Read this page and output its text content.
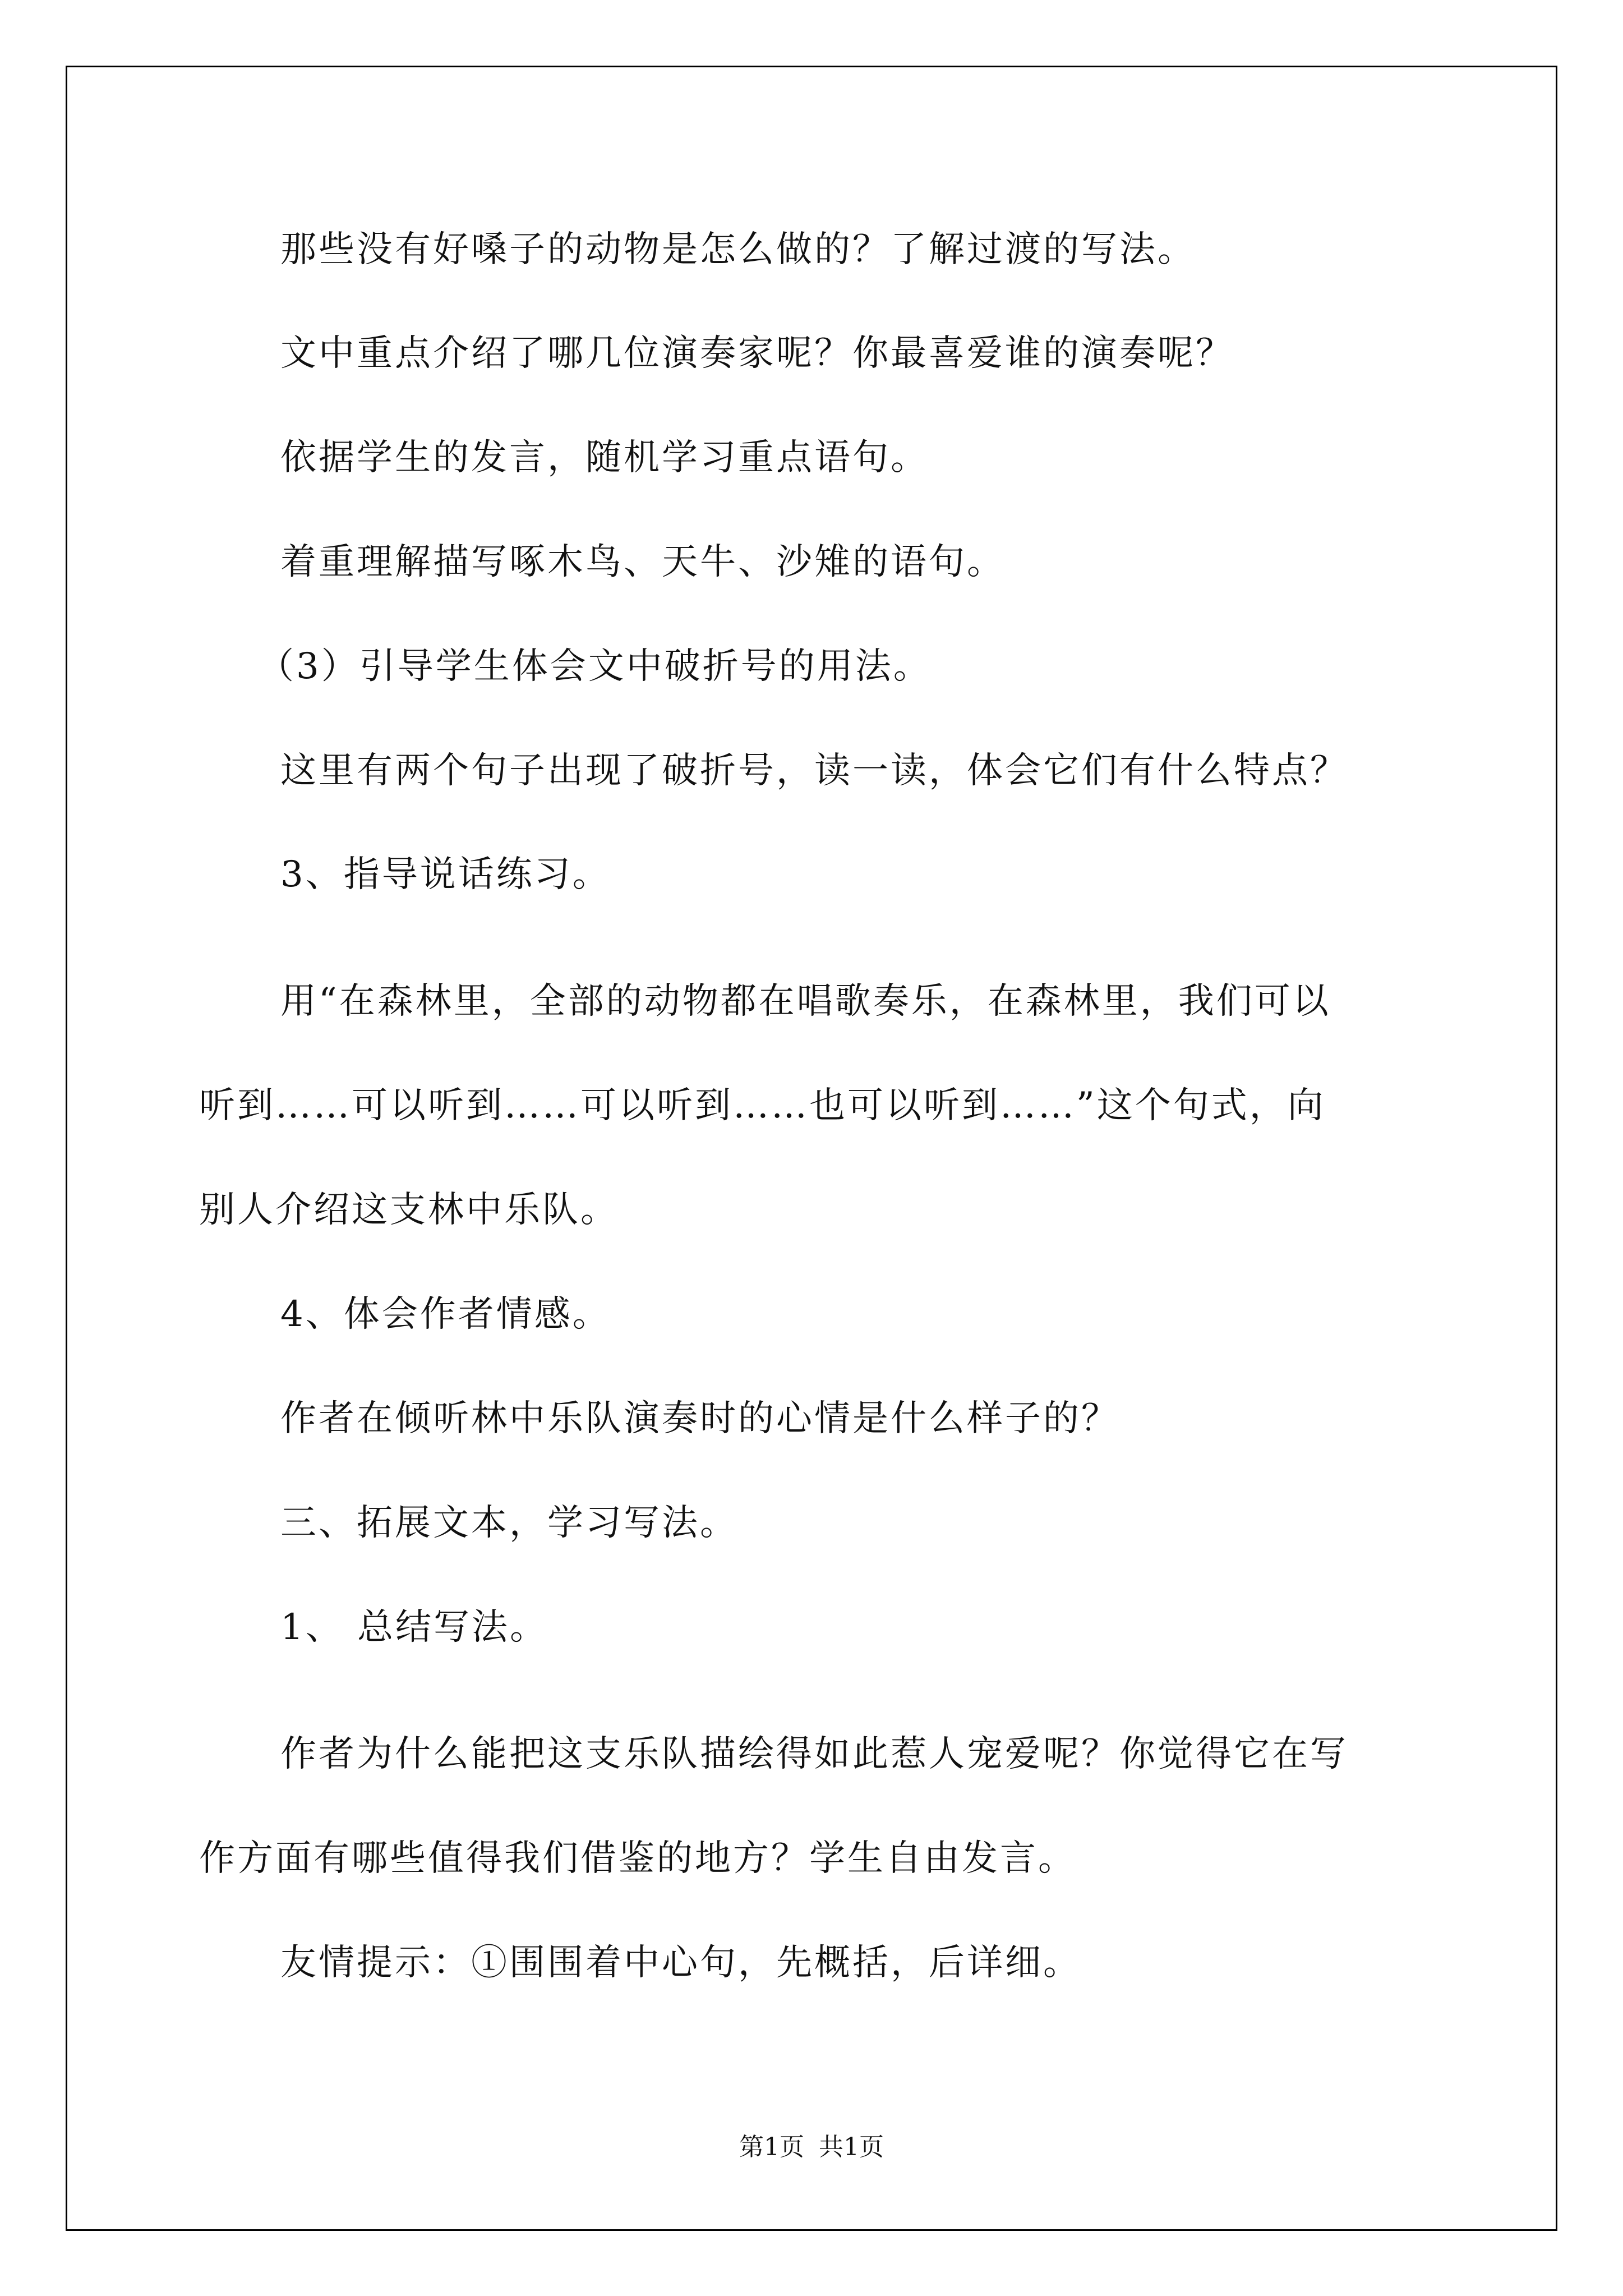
那些没有好嗓子的动物是怎么做的？了解过渡的写法。
文中重点介绍了哪几位演奏家呢？你最喜爱谁的演奏呢？
依据学生的发言，随机学习重点语句。
着重理解描写啄木鸟、天牛、沙雉的语句。
（3）引导学生体会文中破折号的用法。
这里有两个句子出现了破折号，读一读，体会它们有什么特点？
3、指导说话练习。
用“在森林里，全部的动物都在唱歌奏乐，在森林里，我们可以
听到……可以听到……可以听到……也可以听到……”这个句式，向
别人介绍这支林中乐队。
4、体会作者情感。
作者在倾听林中乐队演奏时的心情是什么样子的？
三、拓展文本，学习写法。
1、 总结写法。
作者为什么能把这支乐队描绘得如此惹人宠爱呢？你觉得它在写
作方面有哪些值得我们借鉴的地方？学生自由发言。
友情提示：①围围着中心句，先概括，后详细。
第1页 共1页
